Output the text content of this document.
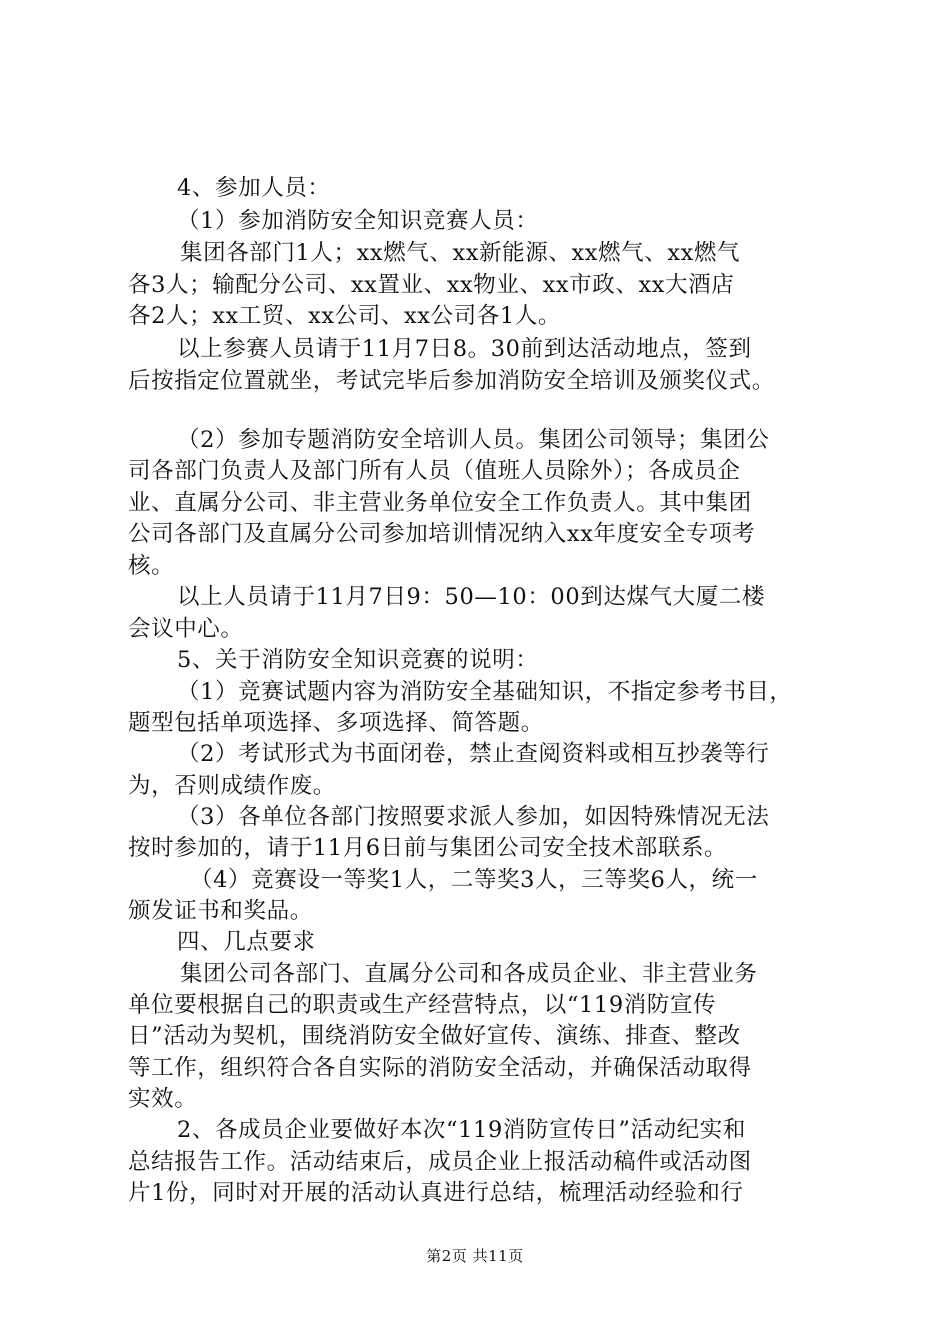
4、参加人员：
（1）参加消防安全知识竞赛人员：
集团各部门1人；xx燃气、xx新能源、xx燃气、xx燃气
各3人；输配分公司、xx置业、xx物业、xx市政、xx大酒店
各2人；xx工贸、xx公司、xx公司各1人。
以上参赛人员请于11月7日8。30前到达活动地点，签到
后按指定位置就坐，考试完毕后参加消防安全培训及颁奖仪式。
（2）参加专题消防安全培训人员。集团公司领导；集团公
司各部门负责人及部门所有人员（值班人员除外）；各成员企
业、直属分公司、非主营业务单位安全工作负责人。其中集团
公司各部门及直属分公司参加培训情况纳入xx年度安全专项考
核。
以上人员请于11月7日9：50—10：00到达煤气大厦二楼
会议中心。
5、关于消防安全知识竞赛的说明：
（1）竞赛试题内容为消防安全基础知识，不指定参考书目，
题型包括单项选择、多项选择、简答题。
（2）考试形式为书面闭卷，禁止查阅资料或相互抄袭等行
为，否则成绩作废。
（3）各单位各部门按照要求派人参加，如因特殊情况无法
按时参加的，请于11月6日前与集团公司安全技术部联系。
（4）竞赛设一等奖1人，二等奖3人，三等奖6人，统一
颁发证书和奖品。
四、几点要求
集团公司各部门、直属分公司和各成员企业、非主营业务
单位要根据自己的职责或生产经营特点，以“119消防宣传
日”活动为契机，围绕消防安全做好宣传、演练、排查、整改
等工作，组织符合各自实际的消防安全活动，并确保活动取得
实效。
2、各成员企业要做好本次“119消防宣传日”活动纪实和
总结报告工作。活动结束后，成员企业上报活动稿件或活动图
片1份，同时对开展的活动认真进行总结，梳理活动经验和行
第2页 共11页
